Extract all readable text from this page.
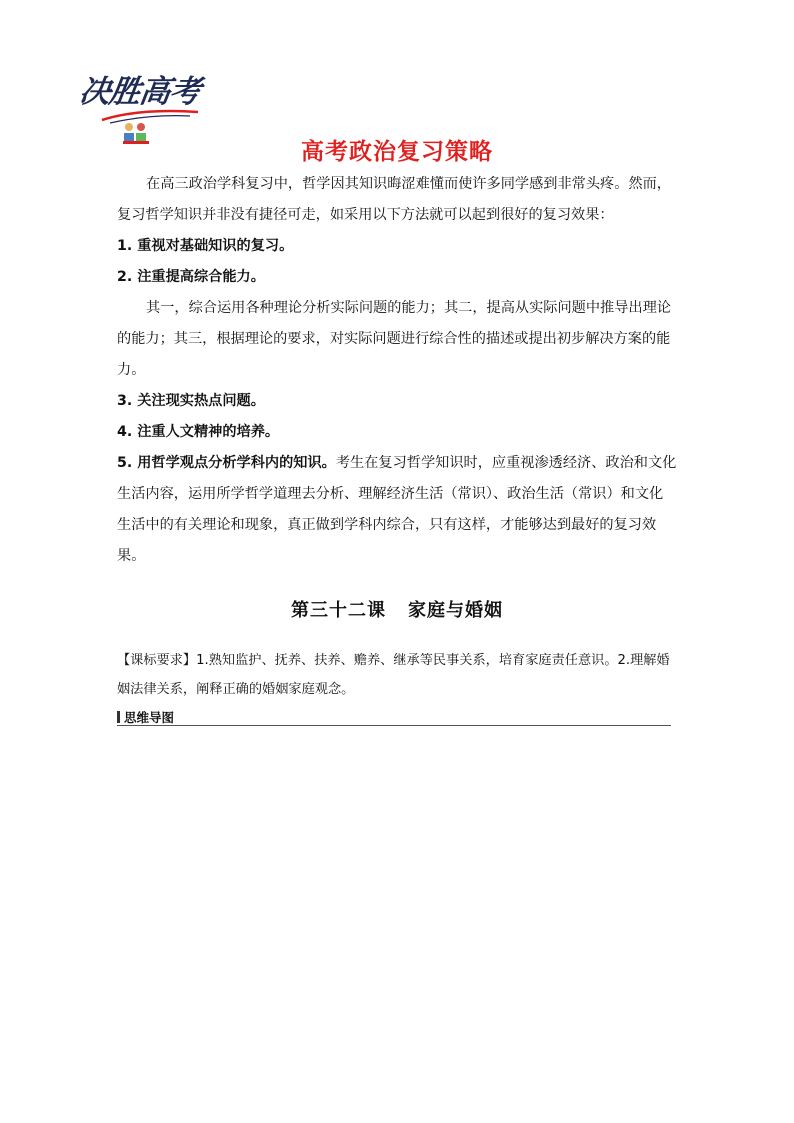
决胜高考
高考政治复习策略

在高三政治学科复习中，哲学因其知识晦涩难懂而使许多同学感到非常头疼。然而，复习哲学知识并非没有捷径可走，如采用以下方法就可以起到很好的复习效果：

1. 重视对基础知识的复习。

2. 注重提高综合能力。

其一，综合运用各种理论分析实际问题的能力；其二，提高从实际问题中推导出理论的能力；其三，根据理论的要求，对实际问题进行综合性的描述或提出初步解决方案的能力。

3. 关注现实热点问题。

4. 注重人文精神的培养。

5. 用哲学观点分析学科内的知识。考生在复习哲学知识时，应重视渗透经济、政治和文化生活内容，运用所学哲学道理去分析、理解经济生活（常识）、政治生活（常识）和文化生活中的有关理论和现象，真正做到学科内综合，只有这样，才能够达到最好的复习效果。

第三十二课 家庭与婚姻

【课标要求】1.熟知监护、抚养、扶养、赡养、继承等民事关系，培育家庭责任意识。2.理解婚姻法律关系，阐释正确的婚姻家庭观念。

思维导图
